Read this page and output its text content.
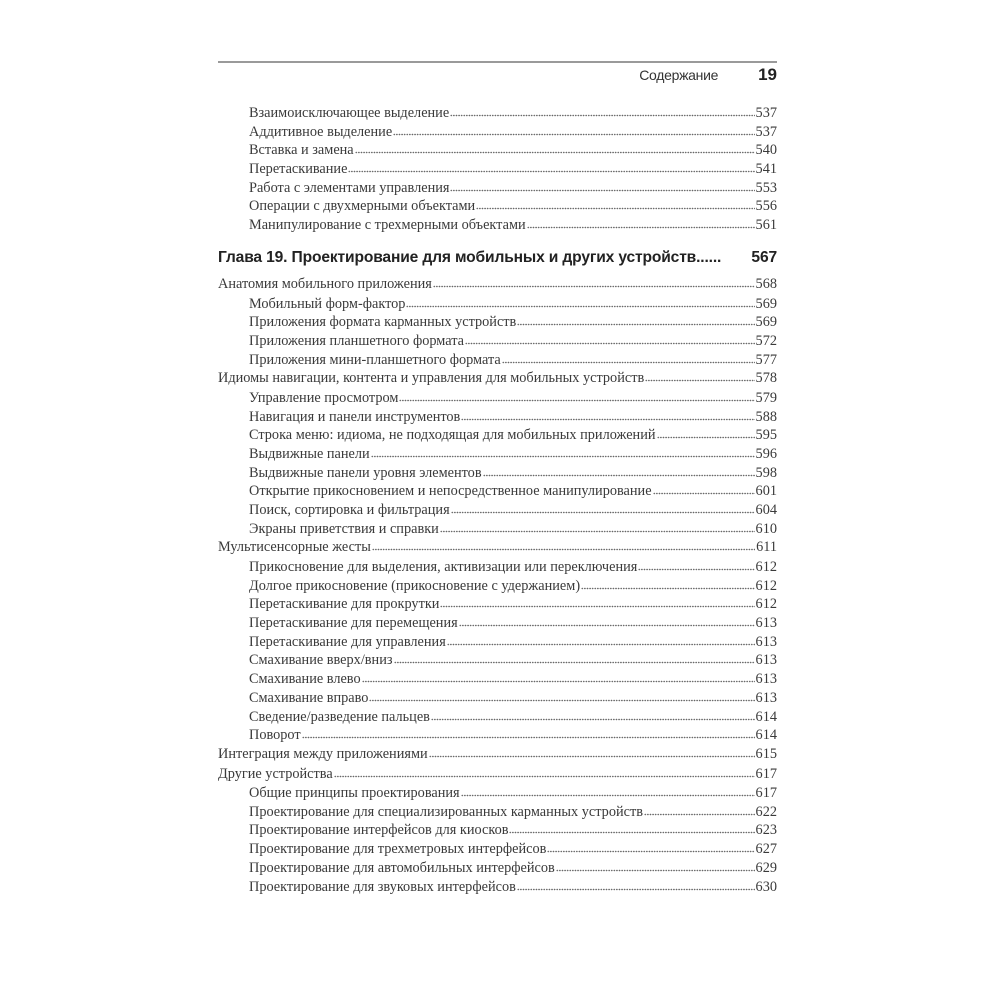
Содержание 19
Взаимоисключающее выделение	537
Аддитивное выделение	537
Вставка и замена	540
Перетаскивание	541
Работа с элементами управления	553
Операции с двухмерными объектами	556
Манипулирование с трехмерными объектами	561
Глава 19. Проектирование для мобильных и других устройств...... 567
Анатомия мобильного приложения	568
Мобильный форм-фактор	569
Приложения формата карманных устройств	569
Приложения планшетного формата	572
Приложения мини-планшетного формата	577
Идиомы навигации, контента и управления для мобильных устройств	578
Управление просмотром	579
Навигация и панели инструментов	588
Строка меню: идиома, не подходящая для мобильных приложений	595
Выдвижные панели	596
Выдвижные панели уровня элементов	598
Открытие прикосновением и непосредственное манипулирование	601
Поиск, сортировка и фильтрация	604
Экраны приветствия и справки	610
Мультисенсорные жесты	611
Прикосновение для выделения, активизации или переключения	612
Долгое прикосновение (прикосновение с удержанием)	612
Перетаскивание для прокрутки	612
Перетаскивание для перемещения	613
Перетаскивание для управления	613
Смахивание вверх/вниз	613
Смахивание влево	613
Смахивание вправо	613
Сведение/разведение пальцев	614
Поворот	614
Интеграция между приложениями	615
Другие устройства	617
Общие принципы проектирования	617
Проектирование для специализированных карманных устройств	622
Проектирование интерфейсов для киосков	623
Проектирование для трехметровых интерфейсов	627
Проектирование для автомобильных интерфейсов	629
Проектирование для звуковых интерфейсов	630
